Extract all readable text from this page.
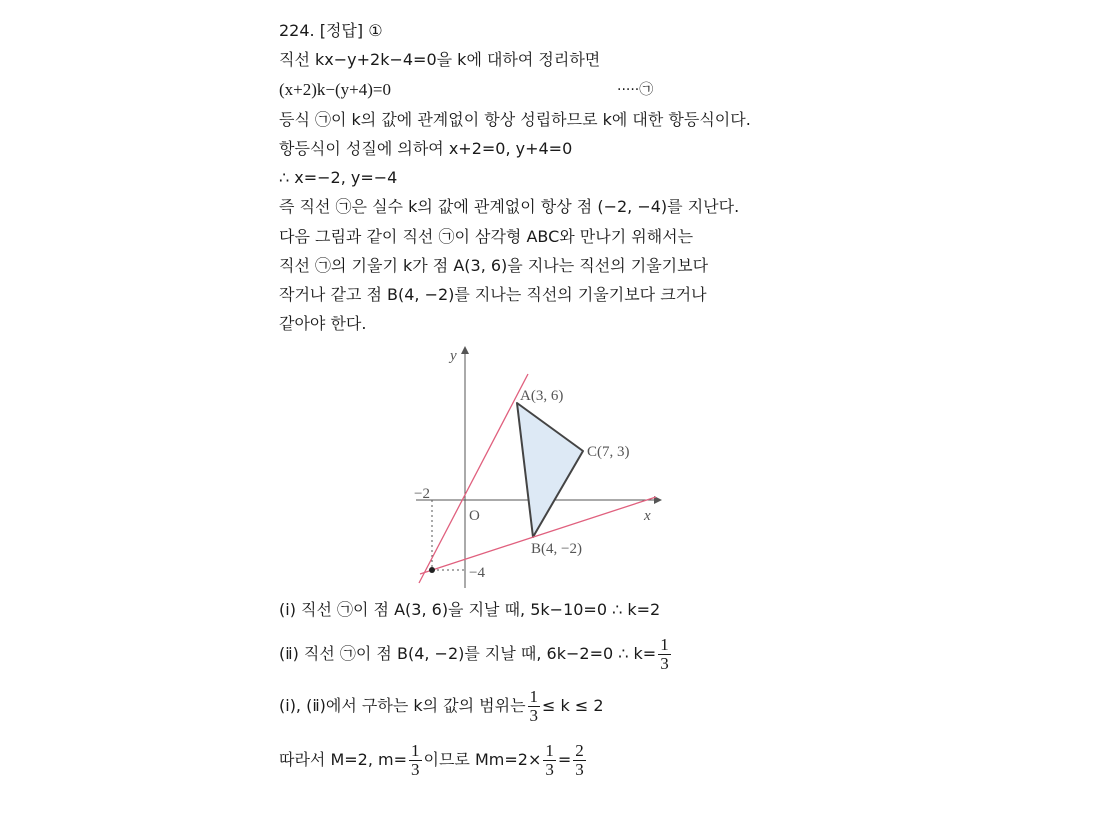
224. [정답] ①
직선 kx−y+2k−4=0을 k에 대하여 정리하면
(x+2)k−(y+4)=0	·····㉠
등식 ㉠이 k의 값에 관계없이 항상 성립하므로 k에 대한 항등식이다.
항등식이 성질에 의하여 x+2=0, y+4=0
∴ x=−2, y=−4
즉 직선 ㉠은 실수 k의 값에 관계없이 항상 점 (−2, −4)를 지난다.
다음 그림과 같이 직선 ㉠이 삼각형 ABC와 만나기 위해서는
직선 ㉠의 기울기 k가 점 A(3, 6)을 지나는 직선의 기울기보다
작거나 같고 점 B(4, −2)를 지나는 직선의 기울기보다 크거나
같아야 한다.
y
x
O
−2
−4
A(3, 6)
C(7, 3)
B(4, −2)
(ⅰ) 직선 ㉠이 점 A(3, 6)을 지날 때, 5k−10=0 ∴ k=2
(ⅱ) 직선 ㉠이 점 B(4, −2)를 지날 때, 6k−2=0 ∴ $k= \frac{1}{3}$
(ⅰ), (ⅱ)에서 구하는 k의 값의 범위는 $\frac{1}{3} \le k \le 2$
따라서 M=2, $m= \frac{1}{3}$ 이므로 $Mm=2\times \frac{1}{3} = \frac{2}{3}$
